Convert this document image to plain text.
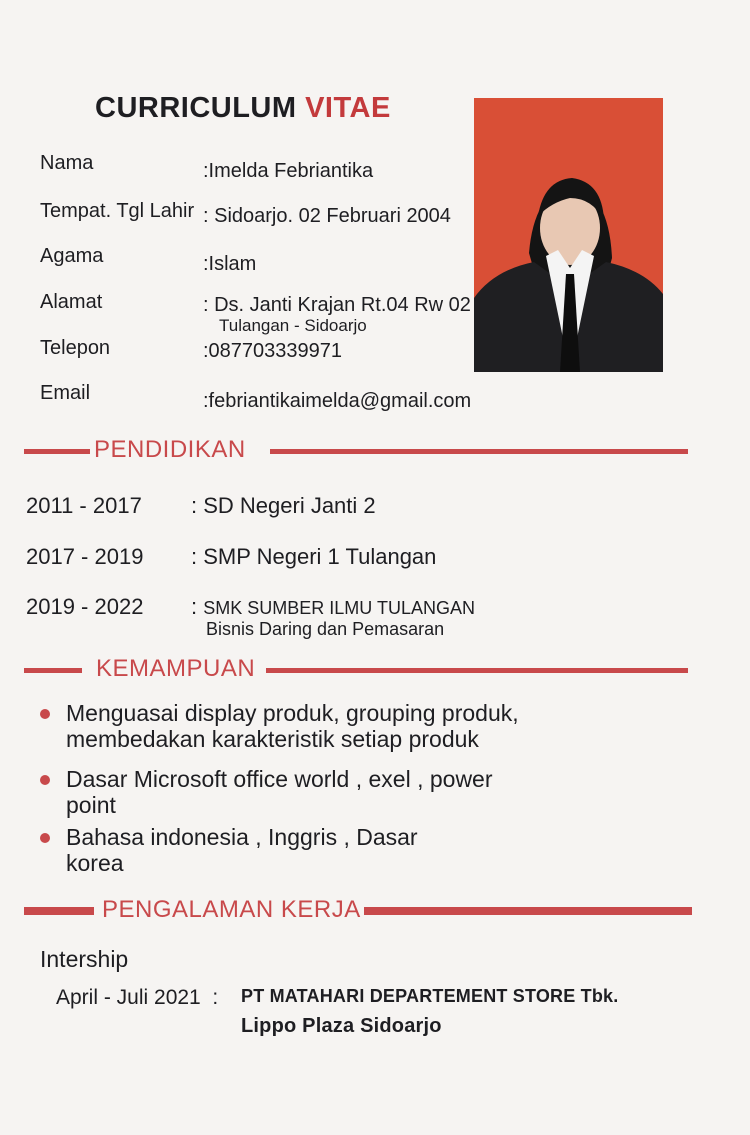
CURRICULUM VITAE
Nama	:Imelda Febriantika
Tempat. Tgl Lahir : Sidoarjo. 02 Februari 2004
Agama	:Islam
Alamat	: Ds. Janti Krajan Rt.04 Rw 02
Tulangan - Sidoarjo
Telepon	:087703339971
Email	:febriantikaimelda@gmail.com
PENDIDIKAN
2011 - 2017 : SD Negeri Janti 2
2017 - 2019 : SMP Negeri 1 Tulangan
2019 - 2022 : SMK SUMBER ILMU TULANGAN
Bisnis Daring dan Pemasaran
KEMAMPUAN
Menguasai display produk, grouping produk,
membedakan karakteristik setiap produk
Dasar Microsoft office world , exel , power
point
Bahasa indonesia , Inggris , Dasar
korea
PENGALAMAN KERJA
Intership
April - Juli 2021 : PT MATAHARI DEPARTEMENT STORE Tbk.
Lippo Plaza Sidoarjo
